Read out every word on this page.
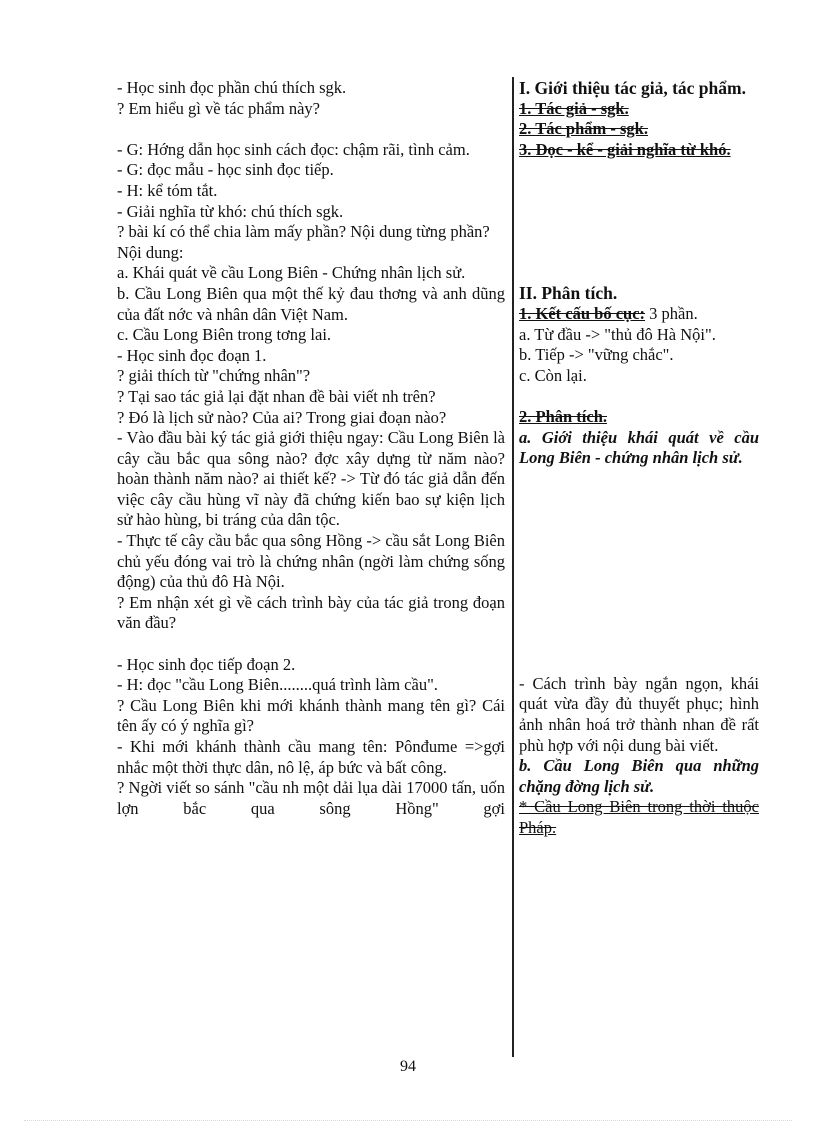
- Học sinh đọc phần chú thích sgk.

? Em hiểu gì về tác phẩm này?

- G: Hớng dẫn học sinh cách đọc: chậm rãi, tình cảm.

- G: đọc mẫu - học sinh đọc tiếp.

- H: kể tóm tắt.

- Giải nghĩa từ khó: chú thích sgk.

? bài kí có thể chia làm mấy phần? Nội dung từng phần?

Nội dung:

a. Khái quát về cầu Long Biên - Chứng nhân lịch sử.

b. Cầu Long Biên qua một thế kỷ đau thơng và anh dũng của đất nớc và nhân dân Việt Nam.

c. Cầu Long Biên trong tơng lai.

- Học sinh đọc đoạn 1.

? giải thích từ "chứng nhân"?

? Tại sao tác giả lại đặt nhan đề bài viết nh trên?

? Đó là lịch sử nào? Của ai? Trong giai đoạn nào?

- Vào đầu bài ký tác giả giới thiệu ngay: Cầu Long Biên là cây cầu bắc qua sông nào? đợc xây dựng từ năm nào? hoàn thành năm nào? ai thiết kế? -> Từ đó tác giả dẫn đến việc cây cầu hùng vĩ này đã chứng kiến bao sự kiện lịch sử hào hùng, bi tráng của dân tộc.

- Thực tế cây cầu bắc qua sông Hồng -> cầu sắt Long Biên chủ yếu đóng vai trò là chứng nhân (ngời làm chứng sống động) của thủ đô Hà Nội.

? Em nhận xét gì về cách trình bày của tác giả trong đoạn văn đầu?

- Học sinh đọc tiếp đoạn 2.

- H: đọc "cầu Long Biên........quá trình làm cầu".

? Cầu Long Biên khi mới khánh thành mang tên gì? Cái tên ấy có ý nghĩa gì?

- Khi mới khánh thành cầu mang tên: Pônđume =>gợi nhắc một thời thực dân, nô lệ, áp bức và bất công.

? Ngời viết so sánh "cầu nh một dải lụa dài 17000 tấn, uốn lợn bắc qua sông Hồng" gợi

I. Giới thiệu tác giả, tác phẩm.

1. Tác giả - sgk.

2. Tác phẩm - sgk.

3. Đọc - kể - giải nghĩa từ khó.

II. Phân tích.

1. Kết cấu bố cục: 3 phần.

a. Từ đầu -> "thủ đô Hà Nội".

b. Tiếp -> "vững chắc".

c. Còn lại.

2. Phân tích.

a. Giới thiệu khái quát về cầu Long Biên - chứng nhân lịch sử.

- Cách trình bày ngắn ngọn, khái quát vừa đầy đủ thuyết phục; hình ảnh nhân hoá trở thành nhan đề rất phù hợp với nội dung bài viết.

b. Cầu Long Biên qua những chặng đờng lịch sử.

* Cầu Long Biên trong thời thuộc Pháp.

94
